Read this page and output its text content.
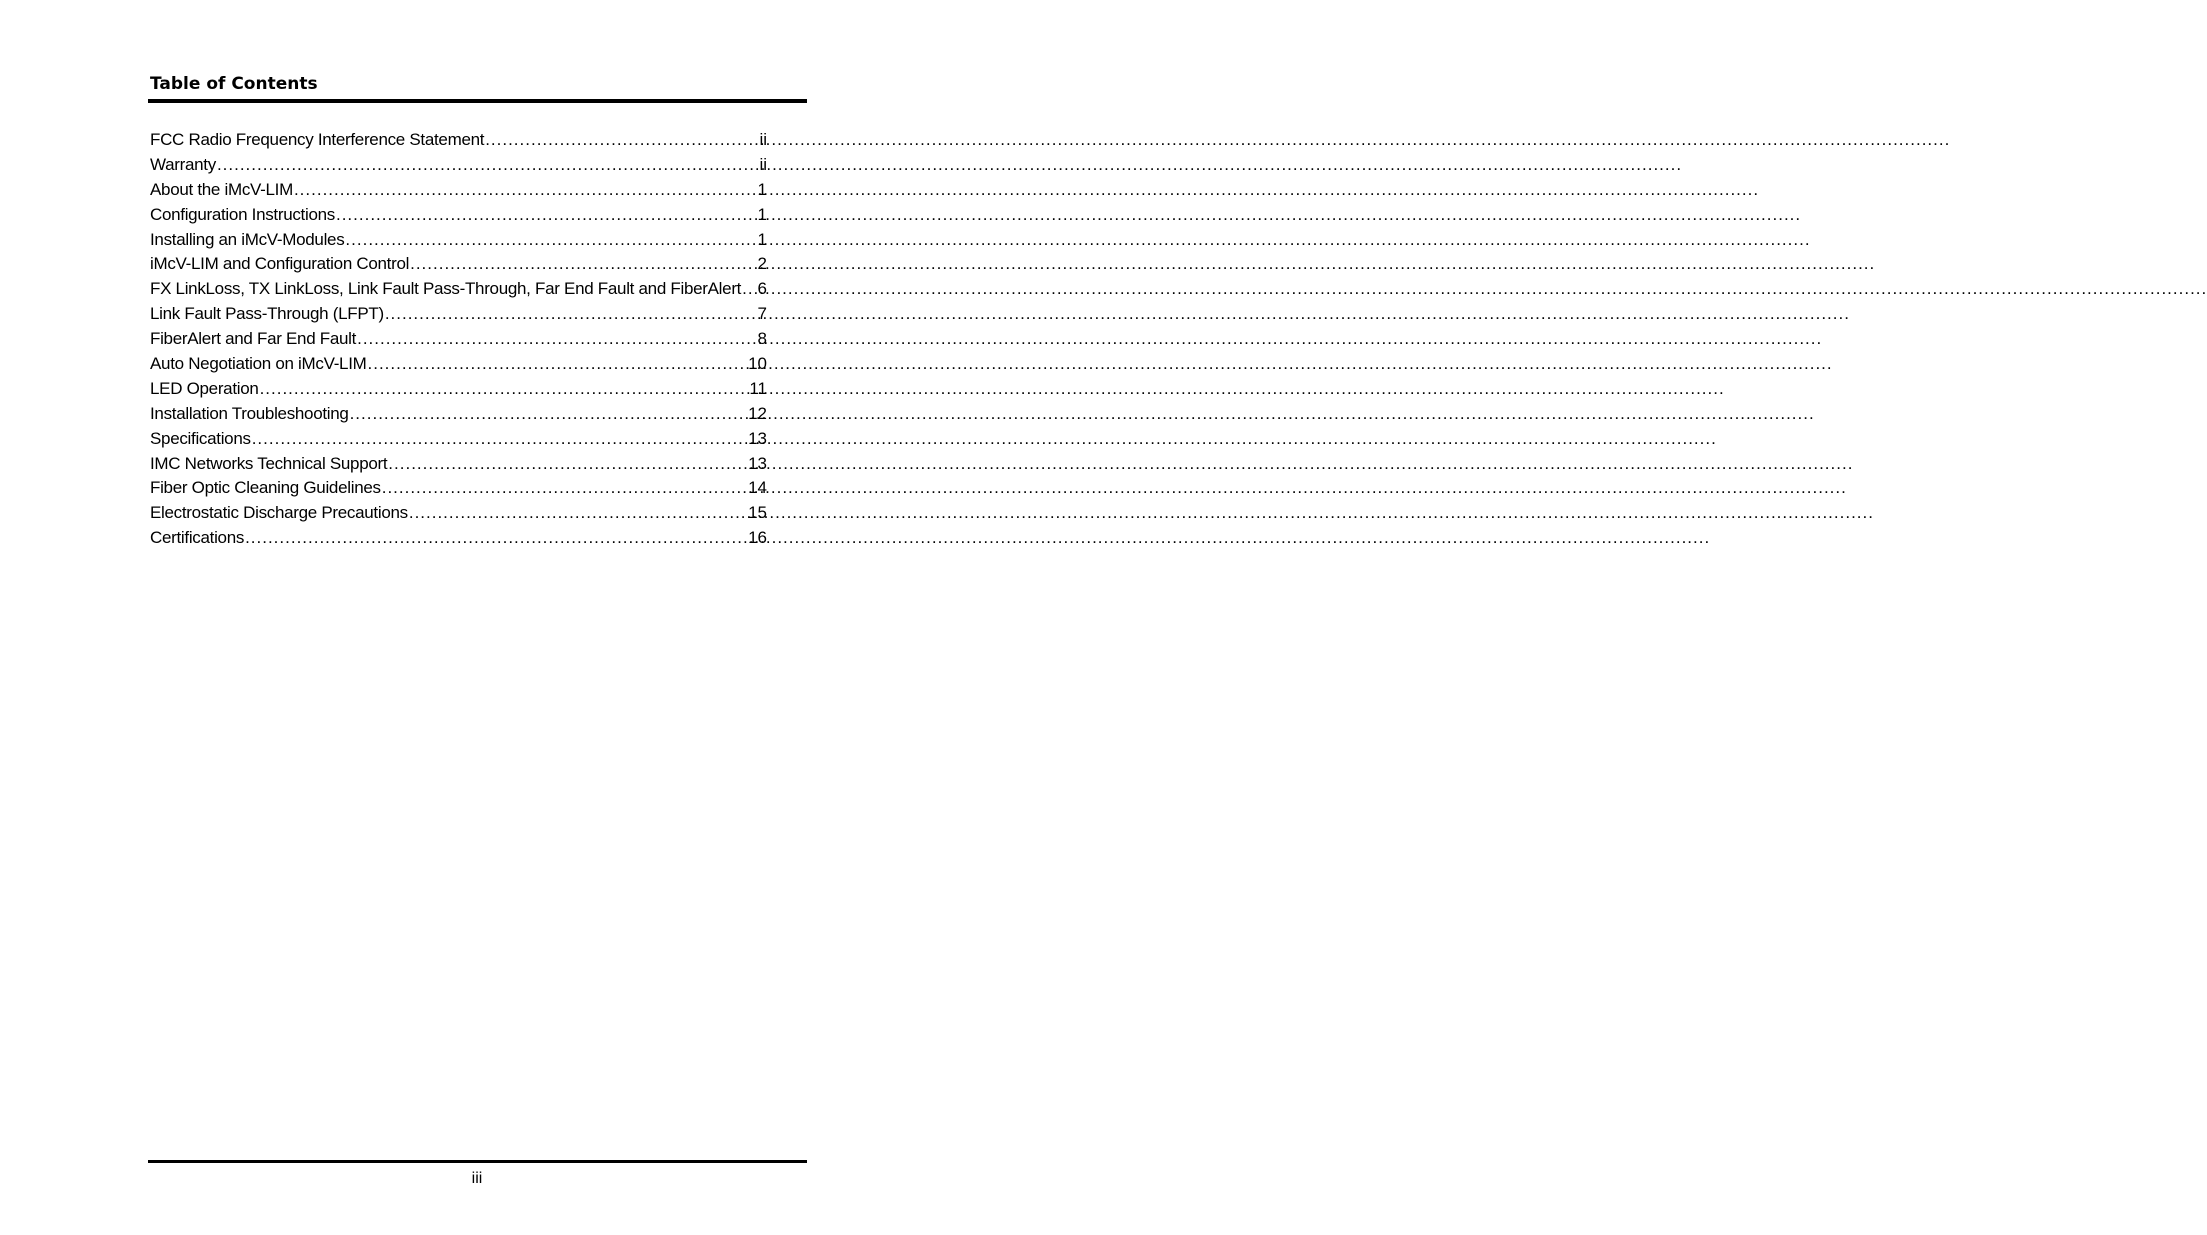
Table of Contents
FCC Radio Frequency Interference Statement .....	ii
Warranty .....	ii
About the iMcV-LIM .....	1
Configuration Instructions .....	1
Installing an iMcV-Modules .....	1
iMcV-LIM and Configuration Control .....	2
FX LinkLoss, TX LinkLoss, Link Fault Pass-Through, Far End Fault and FiberAlert ..... 6
Link Fault Pass-Through (LFPT) .....	7
FiberAlert and Far End Fault .....	8
Auto Negotiation on iMcV-LIM .....	10
LED Operation .....	11
Installation Troubleshooting .....	12
Specifications .....	13
IMC Networks Technical Support .....	13
Fiber Optic Cleaning Guidelines .....	14
Electrostatic Discharge Precautions .....	15
Certifications .....	16
iii
